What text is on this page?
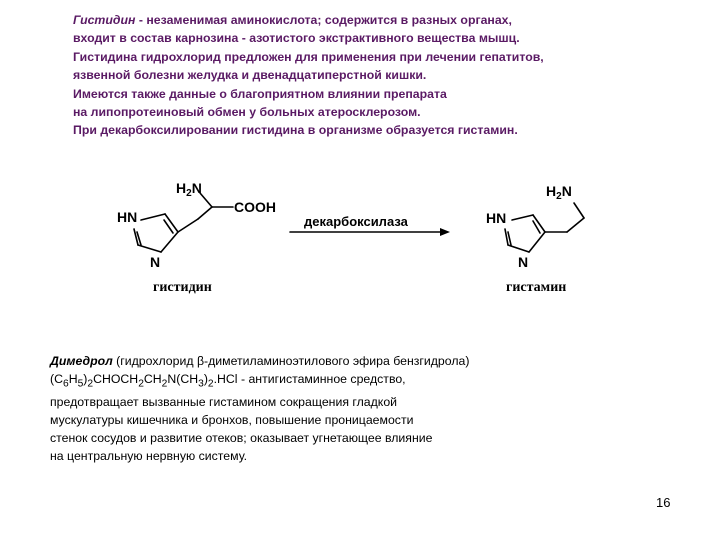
Гистидин - незаменимая аминокислота; содержится в разных органах,
входит в состав карнозина - азотистого экстрактивного вещества мышц.
Гистидина гидрохлорид предложен для применения при лечении гепатитов,
язвенной болезни желудка и двенадцатиперстной кишки.
Имеются также данные о благоприятном влиянии препарата
на липопротеиновый обмен у больных атеросклерозом.
При декарбоксилировании гистидина в организме образуется гистамин.
$H_2N$
COOH
HN
N
декарбоксилаза
$H_2N$
HN
N
гистидин	гистамин
Димедрол (гидрохлорид β-диметиламиноэтилового эфира бензгидрола)
$(C_6H_5)_2CHOCH_2CH_2N(CH_3)_2.HCl$ - антигистаминное средство,
предотвращает вызванные гистамином сокращения гладкой
мускулатуры кишечника и бронхов, повышение проницаемости
стенок сосудов и развитие отеков; оказывает угнетающее влияние
на центральную нервную систему.
16
